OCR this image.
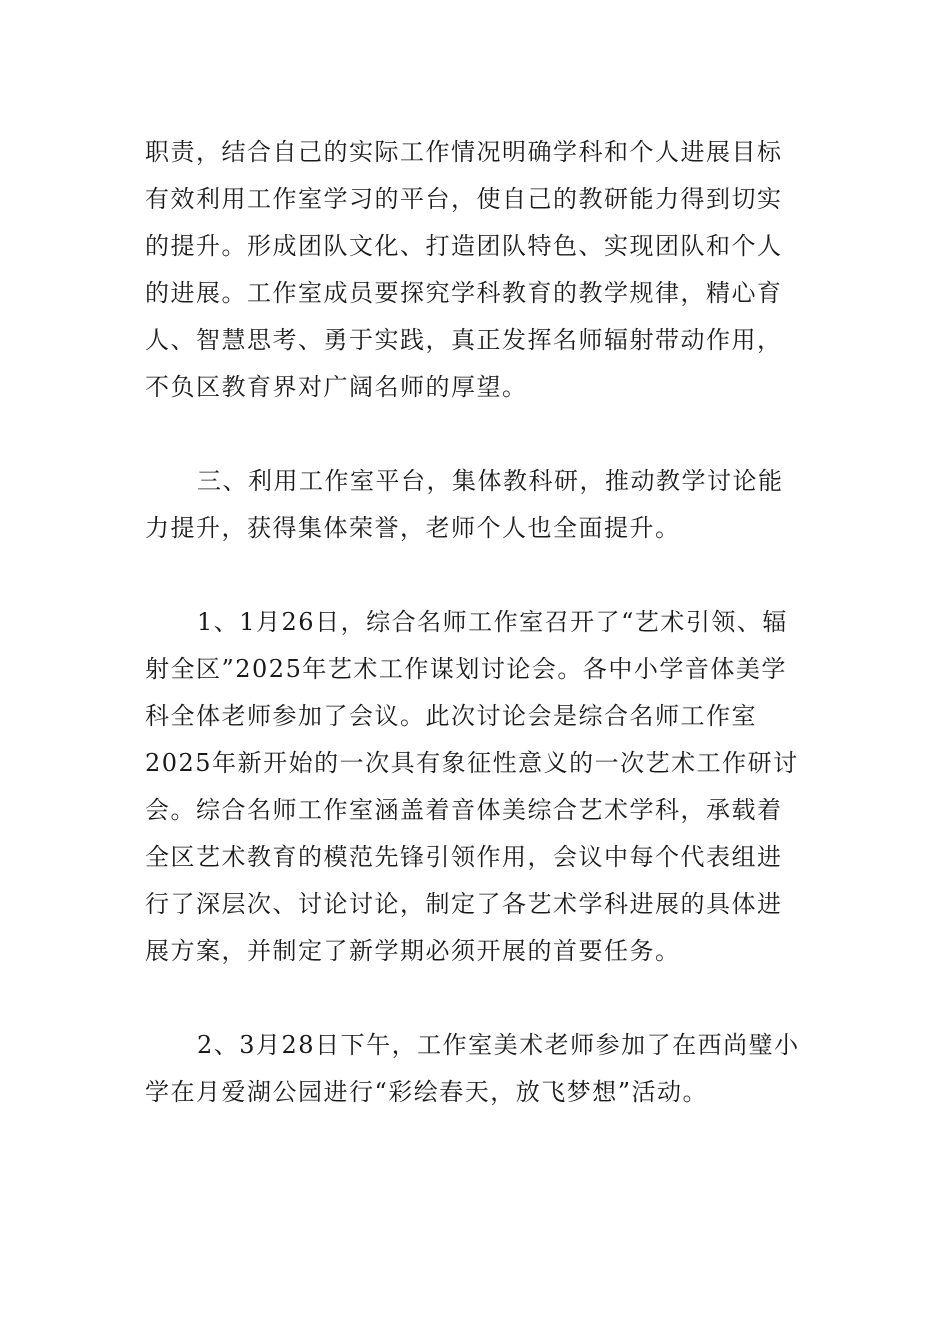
职责，结合自己的实际工作情况明确学科和个人进展目标
有效利用工作室学习的平台，使自己的教研能力得到切实
的提升。形成团队文化、打造团队特色、实现团队和个人
的进展。工作室成员要探究学科教育的教学规律，精心育
人、智慧思考、勇于实践，真正发挥名师辐射带动作用，
不负区教育界对广阔名师的厚望。
三、利用工作室平台，集体教科研，推动教学讨论能
力提升，获得集体荣誉，老师个人也全面提升。
1、1月26日，综合名师工作室召开了“艺术引领、辐
射全区”2025年艺术工作谋划讨论会。各中小学音体美学
科全体老师参加了会议。此次讨论会是综合名师工作室
2025年新开始的一次具有象征性意义的一次艺术工作研讨
会。综合名师工作室涵盖着音体美综合艺术学科，承载着
全区艺术教育的模范先锋引领作用，会议中每个代表组进
行了深层次、讨论讨论，制定了各艺术学科进展的具体进
展方案，并制定了新学期必须开展的首要任务。
2、3月28日下午，工作室美术老师参加了在西尚璧小
学在月爱湖公园进行“彩绘春天，放飞梦想”活动。
